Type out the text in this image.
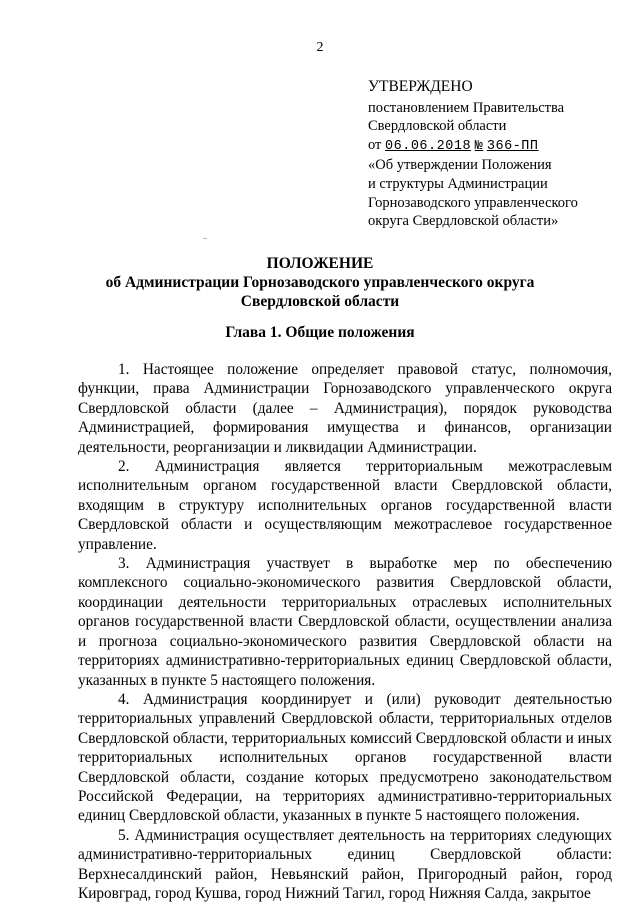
2
УТВЕРЖДЕНО
постановлением Правительства
Свердловской области
от 06.06.2018 № 366-ПП
«Об утверждении Положения
и структуры Администрации
Горнозаводского управленческого
округа Свердловской области»
ПОЛОЖЕНИЕ
об Администрации Горнозаводского управленческого округа
Свердловской области
Глава 1. Общие положения

1. Настоящее положение определяет правовой статус, полномочия, функции, права Администрации Горнозаводского управленческого округа Свердловской области (далее – Администрация), порядок руководства Администрацией, формирования имущества и финансов, организации деятельности, реорганизации и ликвидации Администрации.

2. Администрация является территориальным межотраслевым исполнительным органом государственной власти Свердловской области, входящим в структуру исполнительных органов государственной власти Свердловской области и осуществляющим межотраслевое государственное управление.

3. Администрация участвует в выработке мер по обеспечению комплексного социально-экономического развития Свердловской области, координации деятельности территориальных отраслевых исполнительных органов государственной власти Свердловской области, осуществлении анализа и прогноза социально-экономического развития Свердловской области на территориях административно-территориальных единиц Свердловской области, указанных в пункте 5 настоящего положения.

4. Администрация координирует и (или) руководит деятельностью территориальных управлений Свердловской области, территориальных отделов Свердловской области, территориальных комиссий Свердловской области и иных территориальных исполнительных органов государственной власти Свердловской области, создание которых предусмотрено законодательством Российской Федерации, на территориях административно-территориальных единиц Свердловской области, указанных в пункте 5 настоящего положения.

5. Администрация осуществляет деятельность на территориях следующих административно-территориальных единиц Свердловской области: Верхнесалдинский район, Невьянский район, Пригородный район, город Кировград, город Кушва, город Нижний Тагил, город Нижняя Салда, закрытое
